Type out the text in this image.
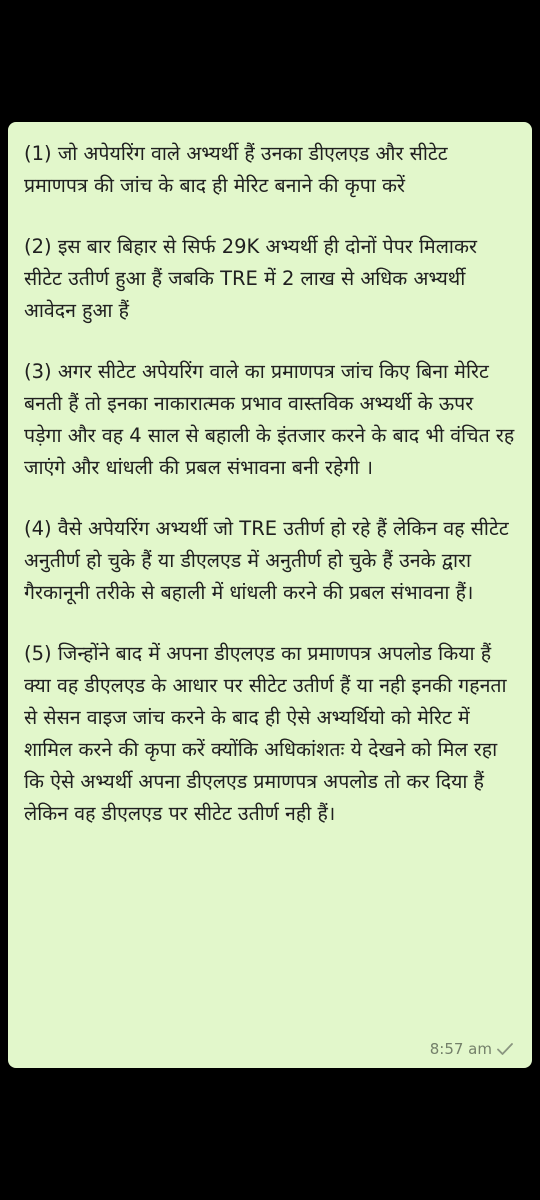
(1) जो अपेयरिंग वाले अभ्यर्थी हैं उनका डीएलएड और सीटेट प्रमाणपत्र की जांच के बाद ही मेरिट बनाने की कृपा करें

(2) इस बार बिहार से सिर्फ 29K अभ्यर्थी ही दोनों पेपर मिलाकर सीटेट उतीर्ण हुआ हैं जबकि TRE में 2 लाख से अधिक अभ्यर्थी आवेदन हुआ हैं

(3) अगर सीटेट अपेयरिंग वाले का प्रमाणपत्र जांच किए बिना मेरिट बनती हैं तो इनका नाकारात्मक प्रभाव वास्तविक अभ्यर्थी के ऊपर पड़ेगा और वह 4 साल से बहाली के इंतजार करने के बाद भी वंचित रह जाएंगे और धांधली की प्रबल संभावना बनी रहेगी ।

(4) वैसे अपेयरिंग अभ्यर्थी जो TRE उतीर्ण हो रहे हैं लेकिन वह सीटेट अनुतीर्ण हो चुके हैं या डीएलएड में अनुतीर्ण हो चुके हैं उनके द्वारा गैरकानूनी तरीके से बहाली में धांधली करने की प्रबल संभावना हैं।

(5) जिन्होंने बाद में अपना डीएलएड का प्रमाणपत्र अपलोड किया हैं क्या वह डीएलएड के आधार पर सीटेट उतीर्ण हैं या नही इनकी गहनता से सेसन वाइज जांच करने के बाद ही ऐसे अभ्यर्थियो को मेरिट में शामिल करने की कृपा करें क्योंकि अधिकांशतः ये देखने को मिल रहा कि ऐसे अभ्यर्थी अपना डीएलएड प्रमाणपत्र अपलोड तो कर दिया हैं लेकिन वह डीएलएड पर सीटेट उतीर्ण नही हैं।

8:57 am
